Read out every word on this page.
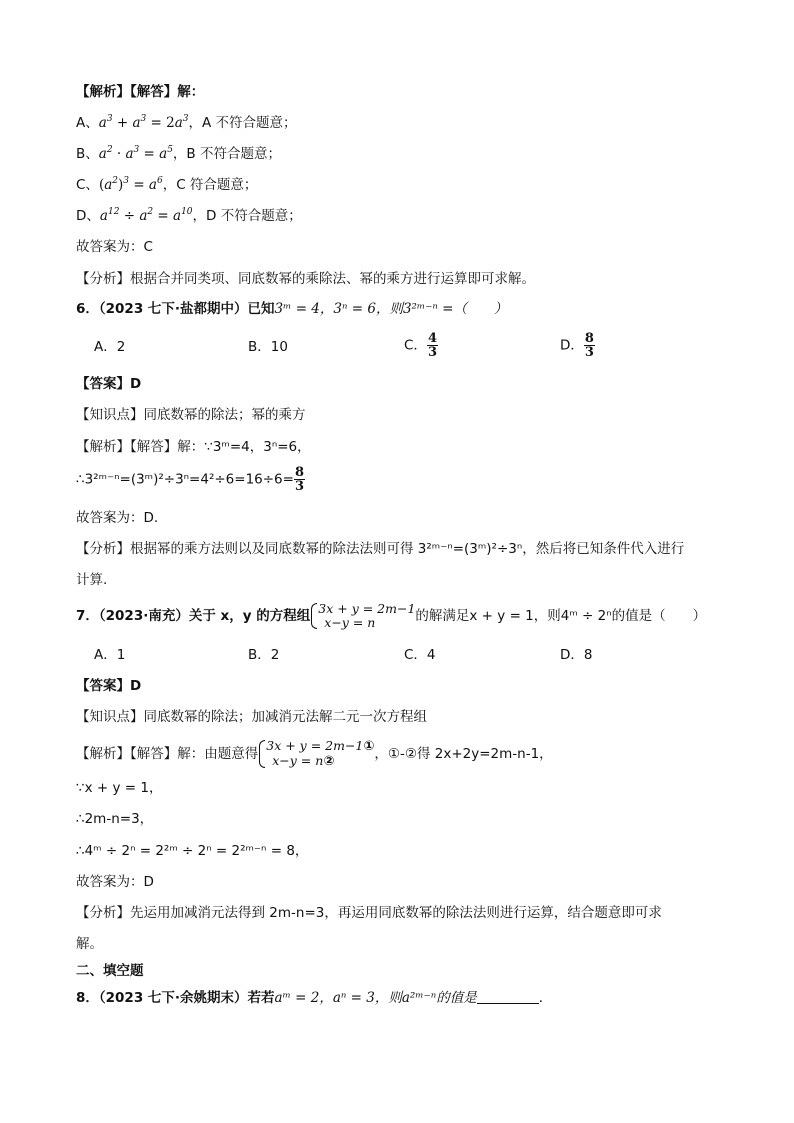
【解析】【解答】解：
A、$a^3 + a^3 = 2a^3$，A 不符合题意；
B、$a^2 \cdot a^3 = a^5$，B 不符合题意；
C、$(a^2)^3 = a^6$，C 符合题意；
D、$a^{12} \div a^2 = a^{10}$，D 不符合题意；
故答案为：C
【分析】根据合并同类项、同底数幂的乘除法、幂的乘方进行运算即可求解。
6．（2023 七下·盐都期中）已知3ᵐ = 4，3ⁿ = 6，则3²ᵐ⁻ⁿ =（　　）
A．2	B．10	C． $\frac{4}{3}$	D． $\frac{8}{3}$
【答案】D
【知识点】同底数幂的除法；幂的乘方
【解析】【解答】解：∵3ᵐ=4，3ⁿ=6，
∴3²ᵐ⁻ⁿ=(3ᵐ)²÷3ⁿ=4²÷6=16÷6= $\frac{8}{3}$
故答案为：D.
【分析】根据幂的乘方法则以及同底数幂的除法法则可得 3²ᵐ⁻ⁿ=(3ᵐ)²÷3ⁿ，然后将已知条件代入进行
计算.
7．（2023·南充）关于 x，y 的方程组 3x + y = 2m−1
x−y = n	的解满足x + y = 1，则4ᵐ ÷ 2ⁿ的值是（　　）
A．1	C．4
B．2	D．8
【答案】D
【知识点】同底数幂的除法；加减消元法解二元一次方程组
【解析】【解答】解：由题意得
3x + y = 2m−1①
x−y = n②	，①-②得 2x+2y=2m-n-1，
∵x + y = 1，
∴2m-n=3，
∴4ᵐ ÷ 2ⁿ = 2²ᵐ ÷ 2ⁿ = 2²ᵐ⁻ⁿ = 8，
故答案为：D
【分析】先运用加减消元法得到 2m-n=3，再运用同底数幂的除法法则进行运算，结合题意即可求
解。
二、填空题
8．（2023 七下·余姚期末）若若aᵐ = 2，aⁿ = 3，则a²ᵐ⁻ⁿ的值是	．
